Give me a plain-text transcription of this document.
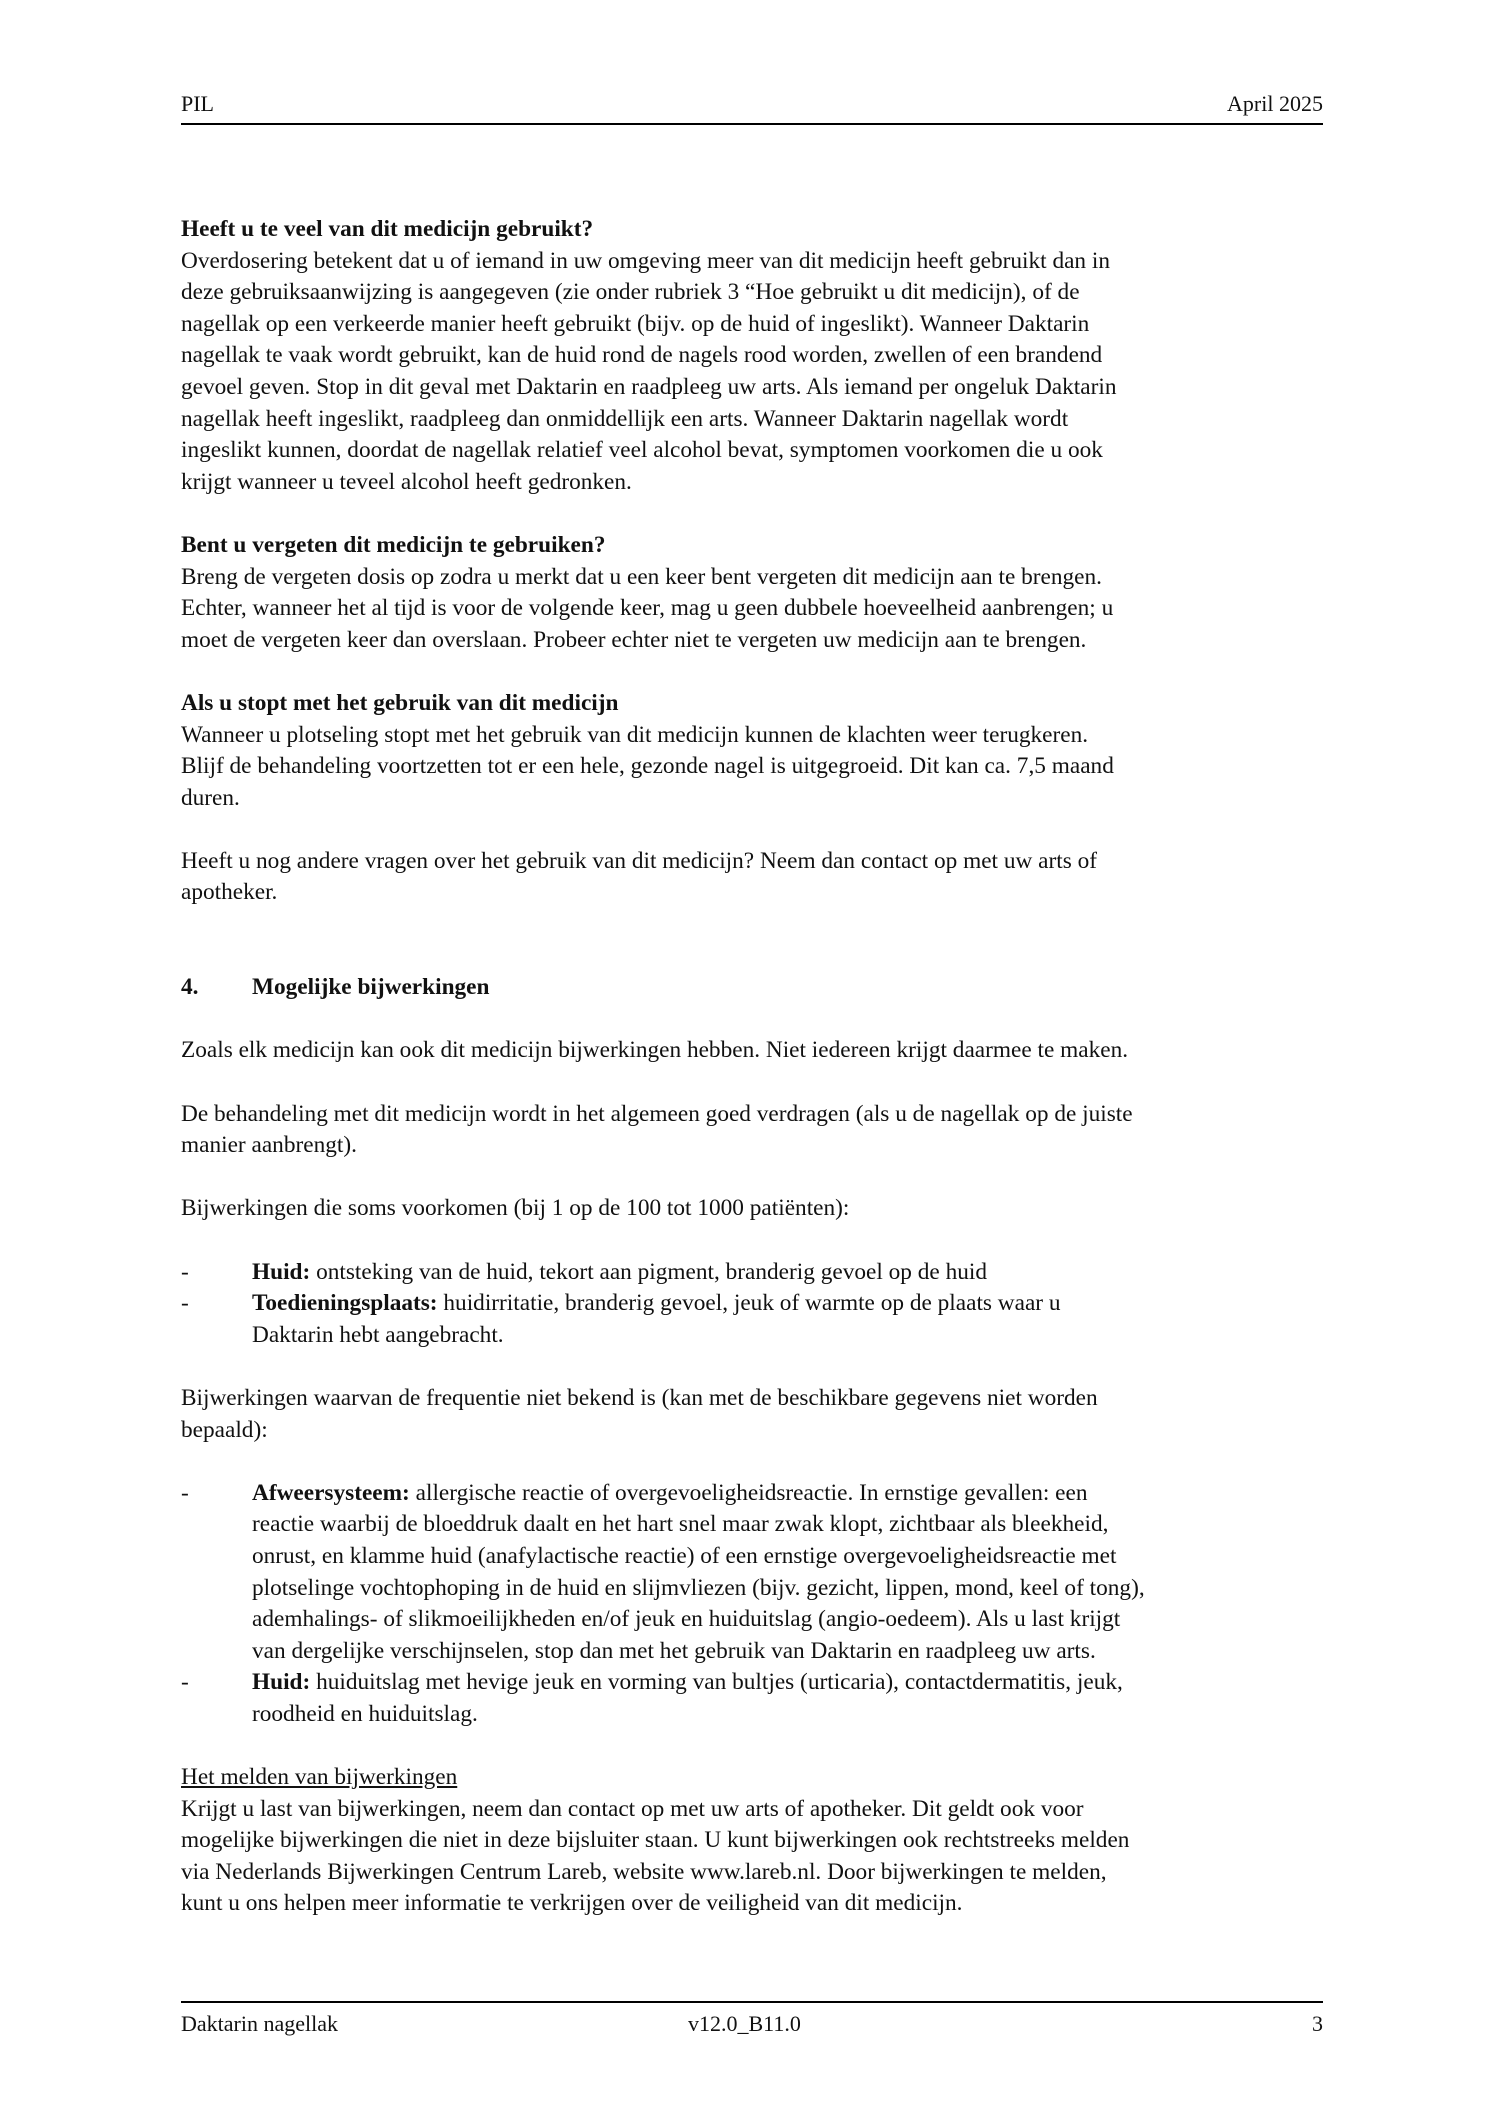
PIL	April 2025

Heeft u te veel van dit medicijn gebruikt?

Overdosering betekent dat u of iemand in uw omgeving meer van dit medicijn heeft gebruikt dan in

deze gebruiksaanwijzing is aangegeven (zie onder rubriek 3 “Hoe gebruikt u dit medicijn), of de

nagellak op een verkeerde manier heeft gebruikt (bijv. op de huid of ingeslikt). Wanneer Daktarin

nagellak te vaak wordt gebruikt, kan de huid rond de nagels rood worden, zwellen of een brandend

gevoel geven. Stop in dit geval met Daktarin en raadpleeg uw arts. Als iemand per ongeluk Daktarin

nagellak heeft ingeslikt, raadpleeg dan onmiddellijk een arts. Wanneer Daktarin nagellak wordt

ingeslikt kunnen, doordat de nagellak relatief veel alcohol bevat, symptomen voorkomen die u ook

krijgt wanneer u teveel alcohol heeft gedronken.

Bent u vergeten dit medicijn te gebruiken?

Breng de vergeten dosis op zodra u merkt dat u een keer bent vergeten dit medicijn aan te brengen.

Echter, wanneer het al tijd is voor de volgende keer, mag u geen dubbele hoeveelheid aanbrengen; u

moet de vergeten keer dan overslaan. Probeer echter niet te vergeten uw medicijn aan te brengen.

Als u stopt met het gebruik van dit medicijn

Wanneer u plotseling stopt met het gebruik van dit medicijn kunnen de klachten weer terugkeren.

Blijf de behandeling voortzetten tot er een hele, gezonde nagel is uitgegroeid. Dit kan ca. 7,5 maand

duren.

Heeft u nog andere vragen over het gebruik van dit medicijn? Neem dan contact op met uw arts of

apotheker.

4.	Mogelijke bijwerkingen

Zoals elk medicijn kan ook dit medicijn bijwerkingen hebben. Niet iedereen krijgt daarmee te maken.

De behandeling met dit medicijn wordt in het algemeen goed verdragen (als u de nagellak op de juiste

manier aanbrengt).

Bijwerkingen die soms voorkomen (bij 1 op de 100 tot 1000 patiënten):

-	Huid: ontsteking van de huid, tekort aan pigment, branderig gevoel op de huid
-	Toedieningsplaats: huidirritatie, branderig gevoel, jeuk of warmte op de plaats waar u
Daktarin hebt aangebracht.

Bijwerkingen waarvan de frequentie niet bekend is (kan met de beschikbare gegevens niet worden

bepaald):

-	Afweersysteem: allergische reactie of overgevoeligheidsreactie. In ernstige gevallen: een
reactie waarbij de bloeddruk daalt en het hart snel maar zwak klopt, zichtbaar als bleekheid,
onrust, en klamme huid (anafylactische reactie) of een ernstige overgevoeligheidsreactie met
plotselinge vochtophoping in de huid en slijmvliezen (bijv. gezicht, lippen, mond, keel of tong),
ademhalings- of slikmoeilijkheden en/of jeuk en huiduitslag (angio-oedeem). Als u last krijgt
van dergelijke verschijnselen, stop dan met het gebruik van Daktarin en raadpleeg uw arts.
-	Huid: huiduitslag met hevige jeuk en vorming van bultjes (urticaria), contactdermatitis, jeuk,
roodheid en huiduitslag.

Het melden van bijwerkingen

Krijgt u last van bijwerkingen, neem dan contact op met uw arts of apotheker. Dit geldt ook voor

mogelijke bijwerkingen die niet in deze bijsluiter staan. U kunt bijwerkingen ook rechtstreeks melden

via Nederlands Bijwerkingen Centrum Lareb, website www.lareb.nl. Door bijwerkingen te melden,

kunt u ons helpen meer informatie te verkrijgen over de veiligheid van dit medicijn.

Daktarin nagellak	v12.0_B11.0	3
